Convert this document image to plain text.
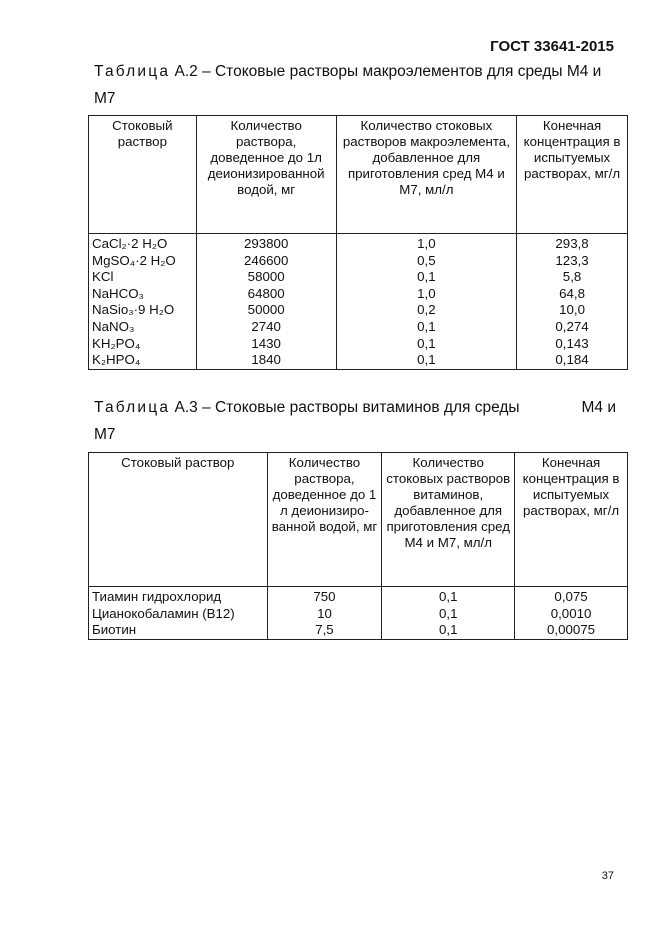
ГОСТ 33641-2015
Таблица А.2 – Стоковые растворы макроэлементов для среды М4 и М7
Стоковый раствор	Количество раствора, доведенное до 1л деионизированной водой, мг	Количество стоковых растворов макроэлемента, добавленное для приготовления сред М4 и М7, мл/л	Конечная концентрация в испытуемых растворах, мг/л
CaCl₂·2 H₂O	293800	1,0	293,8
MgSO₄·2 H₂O	246600	0,5	123,3
KCl	58000	0,1	5,8
NaHCO₃	64800	1,0	64,8
NaSio₃·9 H₂O	50000	0,2	10,0
NaNO₃	2740	0,1	0,274
KH₂PO₄	1430	0,1	0,143
K₂HPO₄	1840	0,1	0,184
Таблица А.3 – Стоковые растворы витаминов для среды	М4 и

М7
Стоковый раствор	Количество раствора, доведенное до 1 л деионизиро-ванной водой, мг	Количество стоковых растворов витаминов, добавленное для приготовления сред М4 и М7, мл/л	Конечная концентрация в испытуемых растворах, мг/л
Тиамин гидрохлорид	750	0,1	0,075
Цианокобаламин (В12)	10	0,1	0,0010
Биотин	7,5	0,1	0,00075
37
